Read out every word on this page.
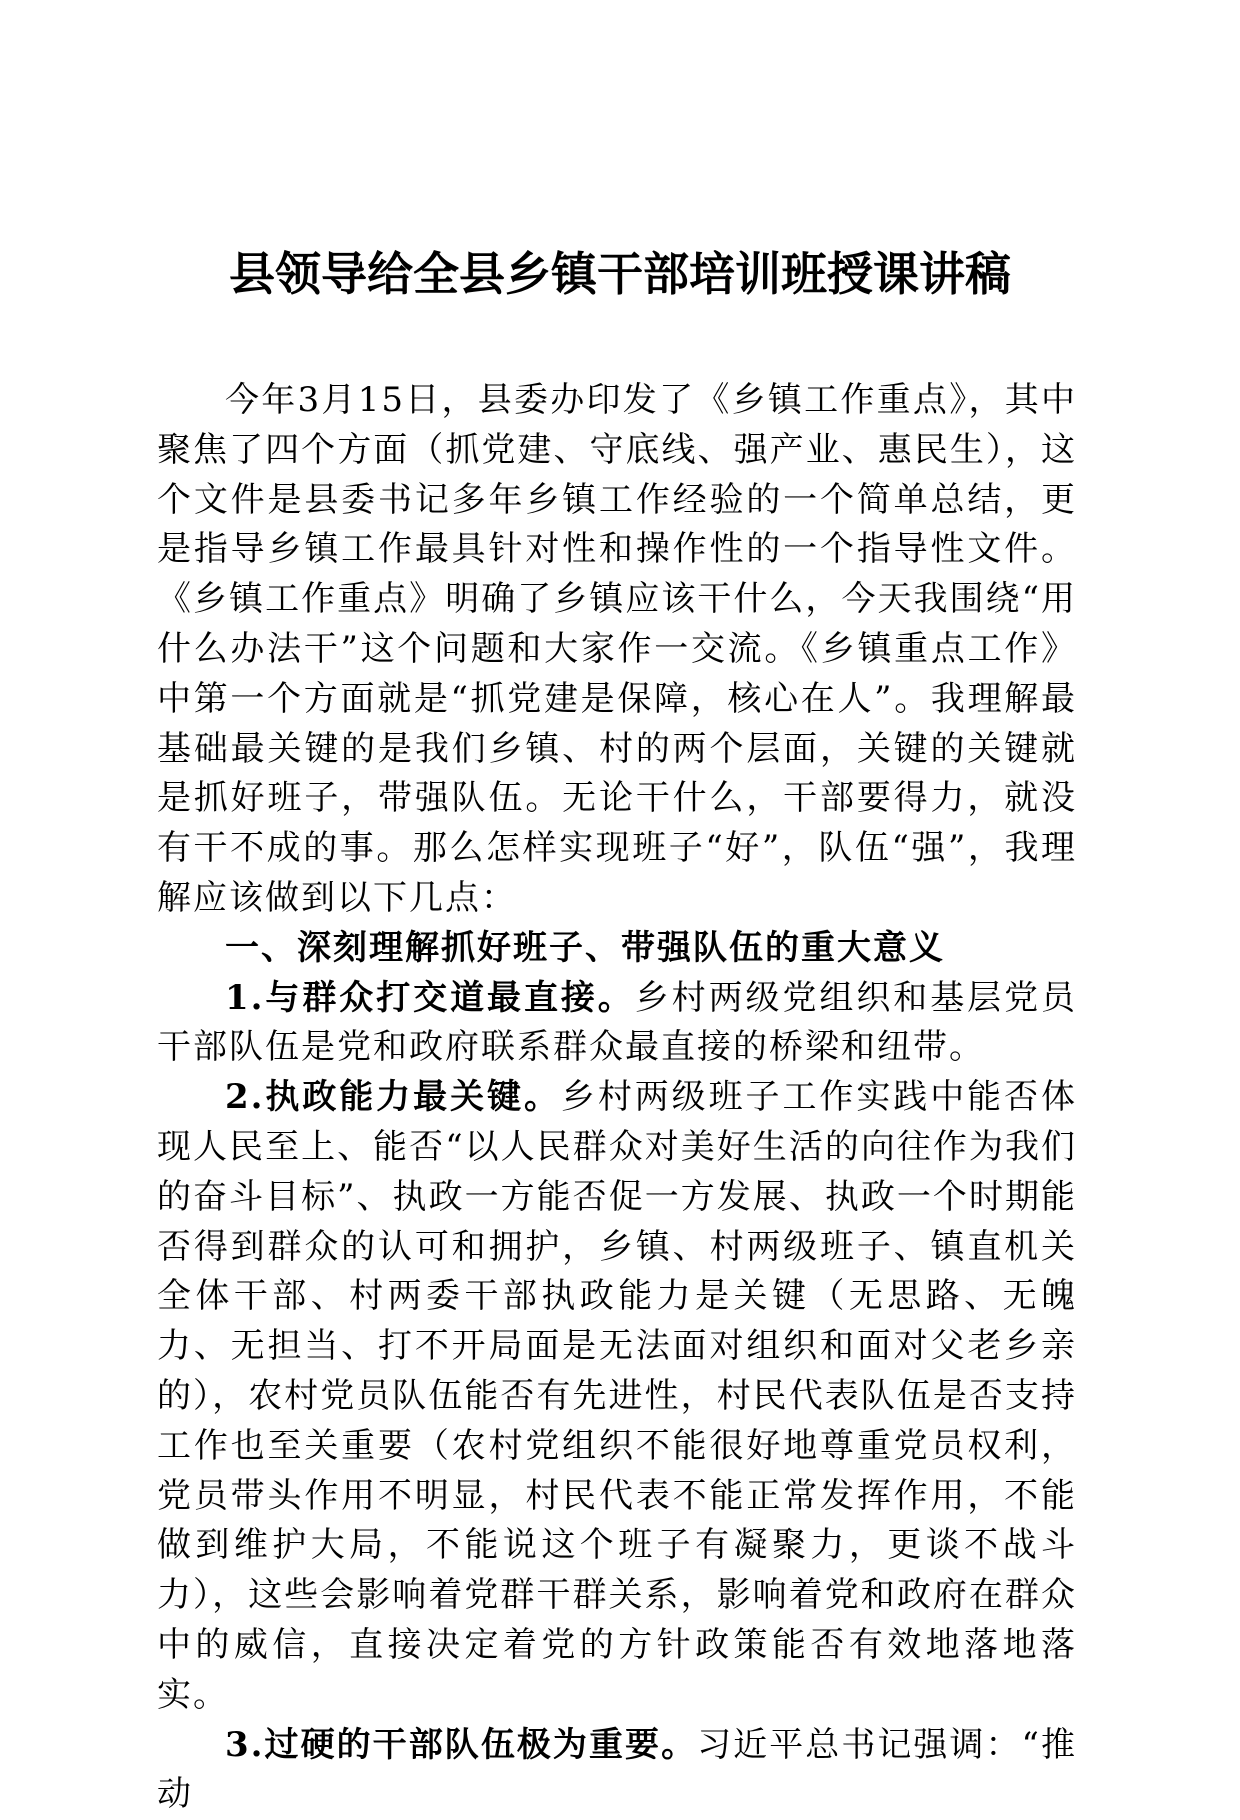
县领导给全县乡镇干部培训班授课讲稿

今年3月15日，县委办印发了《乡镇工作重点》，其中聚焦了四个方面（抓党建、守底线、强产业、惠民生），这个文件是县委书记多年乡镇工作经验的一个简单总结，更是指导乡镇工作最具针对性和操作性的一个指导性文件。《乡镇工作重点》明确了乡镇应该干什么，今天我围绕“用什么办法干”这个问题和大家作一交流。《乡镇重点工作》中第一个方面就是“抓党建是保障，核心在人”。我理解最基础最关键的是我们乡镇、村的两个层面，关键的关键就是抓好班子，带强队伍。无论干什么，干部要得力，就没有干不成的事。那么怎样实现班子“好”，队伍“强”，我理解应该做到以下几点：

一、深刻理解抓好班子、带强队伍的重大意义

1.与群众打交道最直接。乡村两级党组织和基层党员干部队伍是党和政府联系群众最直接的桥梁和纽带。

2.执政能力最关键。乡村两级班子工作实践中能否体现人民至上、能否“以人民群众对美好生活的向往作为我们的奋斗目标”、执政一方能否促一方发展、执政一个时期能否得到群众的认可和拥护，乡镇、村两级班子、镇直机关全体干部、村两委干部执政能力是关键（无思路、无魄力、无担当、打不开局面是无法面对组织和面对父老乡亲的），农村党员队伍能否有先进性，村民代表队伍是否支持工作也至关重要（农村党组织不能很好地尊重党员权利，党员带头作用不明显，村民代表不能正常发挥作用，不能做到维护大局，不能说这个班子有凝聚力，更谈不战斗力），这些会影响着党群干群关系，影响着党和政府在群众中的威信，直接决定着党的方针政策能否有效地落地落实。

3.过硬的干部队伍极为重要。习近平总书记强调：“推动
